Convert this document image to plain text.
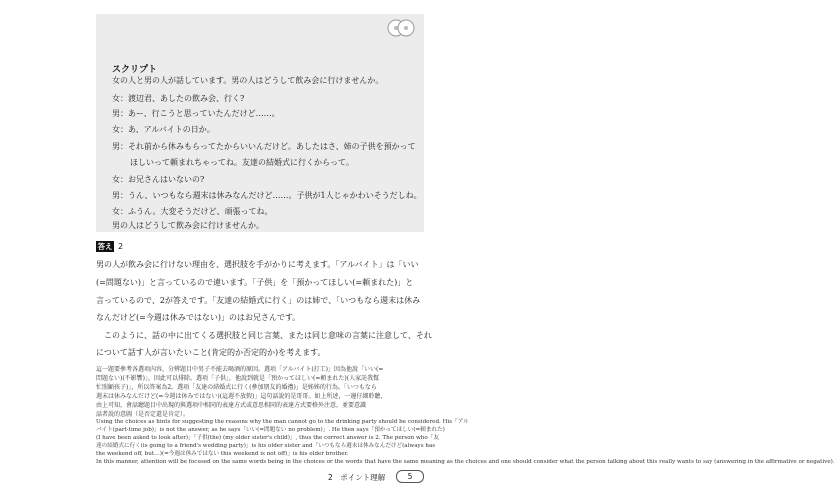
スクリプト
女の人と男の人が話しています。男の人はどうして飲み会に行けませんか。
女：渡辺君、あしたの飲み会、行く?
男：あー、行こうと思っていたんだけど……。
女：あ、アルバイトの日か。
男：それ前から休みもらってたからいいんだけど。あしたはさ、姉の子供を預かって
ほしいって頼まれちゃってね。友達の結婚式に行くからって。
女：お兄さんはいないの?
男：うん、いつもなら週末は休みなんだけど……。子供が1人じゃかわいそうだしね。
女：ふうん。大変そうだけど、頑張ってね。
男の人はどうして飲み会に行けませんか。
答え 2
男の人が飲み会に行けない理由を、選択肢を手がかりに考えます。「アルバイト」は「いい
(=問題ない)」と言っているので違います。「子供」を「預かってほしい(=頼まれた)」と
言っているので、2が答えです。「友達の結婚式に行く」のは姉で、「いつもなら週末は休み
なんだけど(=今週は休みではない)」のはお兄さんです。
このように、話の中に出てくる選択肢と同じ言葉、または同じ意味の言葉に注意して、それ
について話す人が言いたいこと(肯定的か否定的か)を考えます。
這一題要參考各選項內容，分辨題目中男子不能去喝酒的原因。選項「アルバイト(打工)」因為他說「いい(=
問題ない)(不影響)」，因此可以排除。選項「子供」，他說到就是「預かってほしい(=頼まれた)(人家託我幫
忙照顧孩子)」，所以答案為2。選項「友達の結婚式に行く(參加朋友的婚禮)」是姊姊的行為。「いつもなら
週末は休みなんだけど(=今週は休みではない)(這週不放假)」這句話說的是哥哥。如上所述，一邊仔細聆聽，
由上可知，會話聽題目中出現的與選項中相同的表達方式或意思相同的表達方式要格外注意，並要意識
話者說的意圖（是否定還是肯定）。
Using the choices as hints for suggesting the reasons why the man cannot go to the drinking party should be considered. His「アル
バイト(part-time job)」is not the answer, as he says「いい(=問題ない no problem)」. He then says「預かってほしい(=頼まれた)
(I have been asked to look after)」「子供(the) (my older sister's child)」, thus the correct answer is 2. The person who「友
達の結婚式に行く(is going to a friend's wedding party)」is his older sister and「いつもなら週末は休みなんだけど(always has
the weekend off, but…)(=今週は休みではない this weekend is not off)」is his older brother.
In this manner, attention will be focused on the same words being in the choices or the words that have the same meaning as the choices and one should consider what the person talking about this really wants to say (answering in the affirmative or negative).
2　ポイント理解	5
